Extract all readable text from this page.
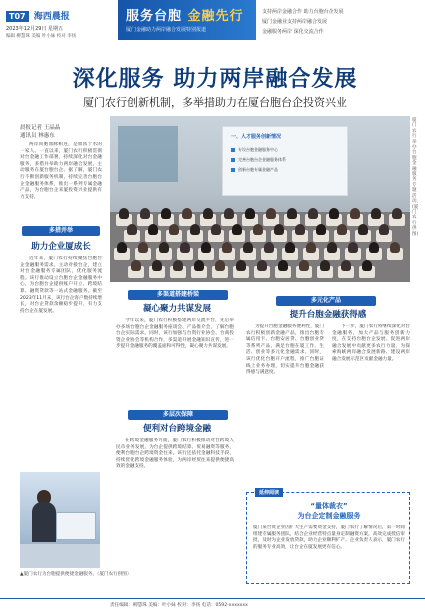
T07 海西晨报
2023年12月29日 星期五
编辑 柳慧珠 美编 叶小妹 校对 李扬
服务台胞 金融先行
厦门金融助力两岸融合发展特别报道
支持两岸金融合作 助力台胞台企发展
厦门金融业支持两岸融合发展
金融服务两岸 深化交流合作
深化服务 助力两岸融合发展
厦门农行创新机制，多举措助力在厦台胞台企投资兴业
晨报记者 王晶晶
通讯员 林惠东

两岸同胞血脉相连，是血浓于水的一家人。一直以来，厦门农行积极贯彻对台金融工作部署，持续深化对台金融服务，多措并举助力两岸融合发展，主动服务在厦台胞台企。据了解，厦门农行不断创新服务机制，持续完善台胞台企金融服务体系，推出一系列专属金融产品，为台胞台企来厦投资兴业提供有力支持。

多措并举
助力企业厦成长

近年来，厦门农行持续聚焦台胞台企金融服务需求，主动对接台企，建立对台金融服务专属团队，优化服务流程。该行推动设立台胞台企金融服务中心，为台胞台企提供账户开立、跨境结算、融资贷款等一站式金融服务。截至2023年11月末，该行台企客户数持续增长，对台企贷款余额稳步提升，有力支持台企在厦发展。

一、人才服务创新情况
专设台胞金融服务中心
完善台胞台企金融服务体系
创新台胞专属金融产品
厦门农行举办台胞金融服务专题活动。(厦门农行供图)
多渠道搭建桥梁
凝心聚力共谋发展

今年以来，厦门农行积极搭建两岸交流平台，先后举办多场台胞台企金融服务座谈会、产品推介会，了解台胞台企实际需求。同时，该行加强与台资行业协会、台商投资企业协会等机构合作，多渠道开展金融知识宣传，进一步提升金融服务的覆盖面和可得性，凝心聚力共谋发展。

多层次保障
便利对台跨境金融

在跨境金融服务方面，厦门农行积极推动对台跨境人民币业务发展，为台企提供跨境结算、贸易融资等服务，便利台胞台企跨境资金往来。该行还依托金融科技手段，持续优化跨境金融服务体验，为两岸经贸往来提供便捷高效的金融支持。

多元化产品
提升台胞金融获得感

为提升台胞金融服务便利性，厦门农行积极创新金融产品，推出台胞专属信用卡、台胞安居贷、台胞创业贷等系列产品，满足台胞在厦工作、生活、创业等多元化金融需求。同时，该行优化台胞开户流程，推广台胞证线上业务办理，切实提升台胞金融获得感与满意度。

下一步，厦门农行将继续深化对台金融服务，加大产品与服务创新力度，在支持台胞台企发展、促进两岸融合发展中贡献更多农行力量，为探索海峡两岸融合发展新路、建设两岸融合发展示范区贡献金融力量。

▲厦门农行为台胞提供便捷金融服务。（厦门农行供图）
延伸阅读
“量体裁衣”
为台企定制金融服务
厦门某台资企业因扩大生产需要资金支持，厦门农行了解情况后，第一时间组建专属服务团队，结合企业经营特点量身定制融资方案，高效完成授信审批，及时为企业发放贷款，助力企业顺利扩产。企业负责人表示，厦门农行的服务专业高效，让台企在厦发展更有信心。
责任编辑：柳慧珠 美编：叶小妹 校对：李扬 电话：0592-xxxxxxx
